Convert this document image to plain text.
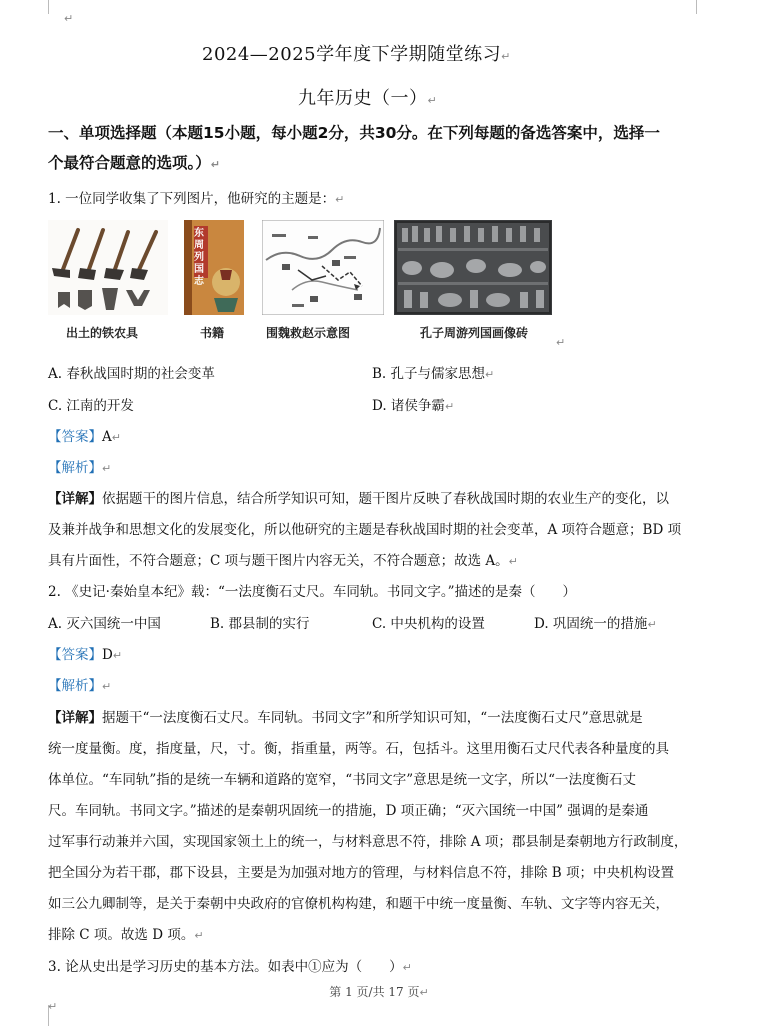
↵
2024—2025学年度下学期随堂练习↵
九年历史（一）↵
一、单项选择题（本题15小题，每小题2分，共30分。在下列每题的备选答案中，选择一
个最符合题意的选项。）↵
1. 一位同学收集了下列图片，他研究的主题是：↵
出土的铁农具
东周列国志
书籍	围魏救赵示意图	孔子周游列国画像砖
↵
A. 春秋战国时期的社会变革	B. 孔子与儒家思想↵
C. 江南的开发	D. 诸侯争霸↵
【答案】A↵
【解析】↵
【详解】依据题干的图片信息，结合所学知识可知，题干图片反映了春秋战国时期的农业生产的变化，以
及兼并战争和思想文化的发展变化，所以他研究的主题是春秋战国时期的社会变革，A 项符合题意；BD 项
具有片面性，不符合题意；C 项与题干图片内容无关，不符合题意；故选 A。↵
2. 《史记·秦始皇本纪》载：“一法度衡石丈尺。车同轨。书同文字。”描述的是秦（　　）
A. 灭六国统一中国	B. 郡县制的实行	C. 中央机构的设置	D. 巩固统一的措施↵
【答案】D↵
【解析】↵
【详解】据题干“一法度衡石丈尺。车同轨。书同文字”和所学知识可知，“一法度衡石丈尺”意思就是
统一度量衡。度，指度量，尺，寸。衡，指重量，两等。石，包括斗。这里用衡石丈尺代表各种量度的具
体单位。“车同轨”指的是统一车辆和道路的宽窄，“书同文字”意思是统一文字，所以“一法度衡石丈
尺。车同轨。书同文字。”描述的是秦朝巩固统一的措施，D 项正确；“灭六国统一中国” 强调的是秦通
过军事行动兼并六国，实现国家领土上的统一，与材料意思不符，排除 A 项；郡县制是秦朝地方行政制度，
把全国分为若干郡，郡下设县，主要是为加强对地方的管理，与材料信息不符，排除 B 项；中央机构设置
如三公九卿制等，是关于秦朝中央政府的官僚机构构建，和题干中统一度量衡、车轨、文字等内容无关，
排除 C 项。故选 D 项。↵
3. 论从史出是学习历史的基本方法。如表中①应为（　　）↵
第 1 页/共 17 页↵
↵
